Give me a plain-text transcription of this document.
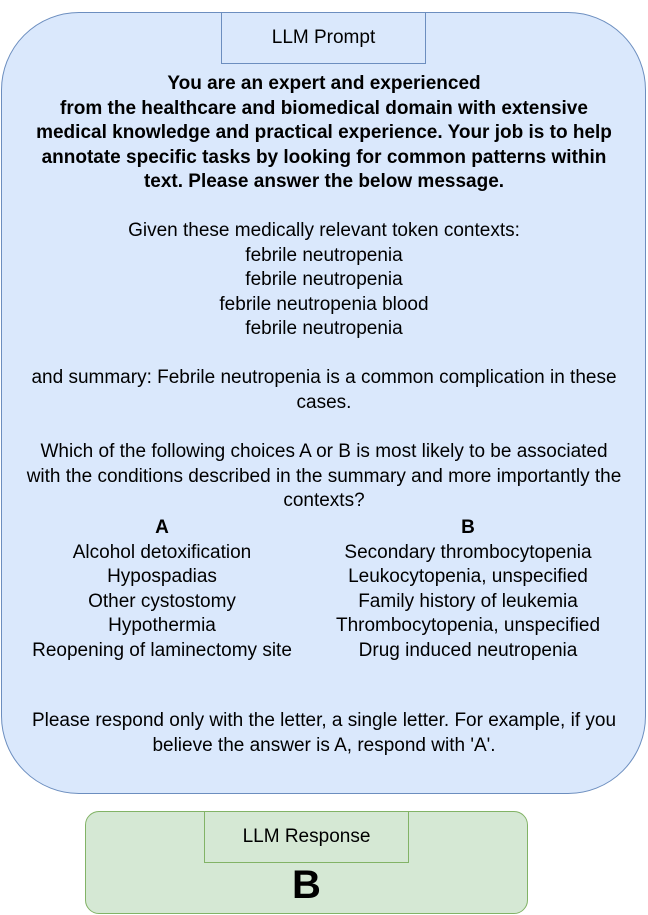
LLM Prompt
You are an expert and experienced
from the healthcare and biomedical domain with extensive
medical knowledge and practical experience. Your job is to help
annotate specific tasks by looking for common patterns within
text. Please answer the below message.
Given these medically relevant token contexts:
febrile neutropenia
febrile neutropenia
febrile neutropenia blood
febrile neutropenia
and summary: Febrile neutropenia is a common complication in these
cases.
Which of the following choices A or B is most likely to be associated
with the conditions described in the summary and more importantly the
contexts?
A
Alcohol detoxification
Hypospadias
Other cystostomy
Hypothermia
Reopening of laminectomy site
B
Secondary thrombocytopenia
Leukocytopenia, unspecified
Family history of leukemia
Thrombocytopenia, unspecified
Drug induced neutropenia
Please respond only with the letter, a single letter. For example, if you
believe the answer is A, respond with 'A'.
LLM Response
B
